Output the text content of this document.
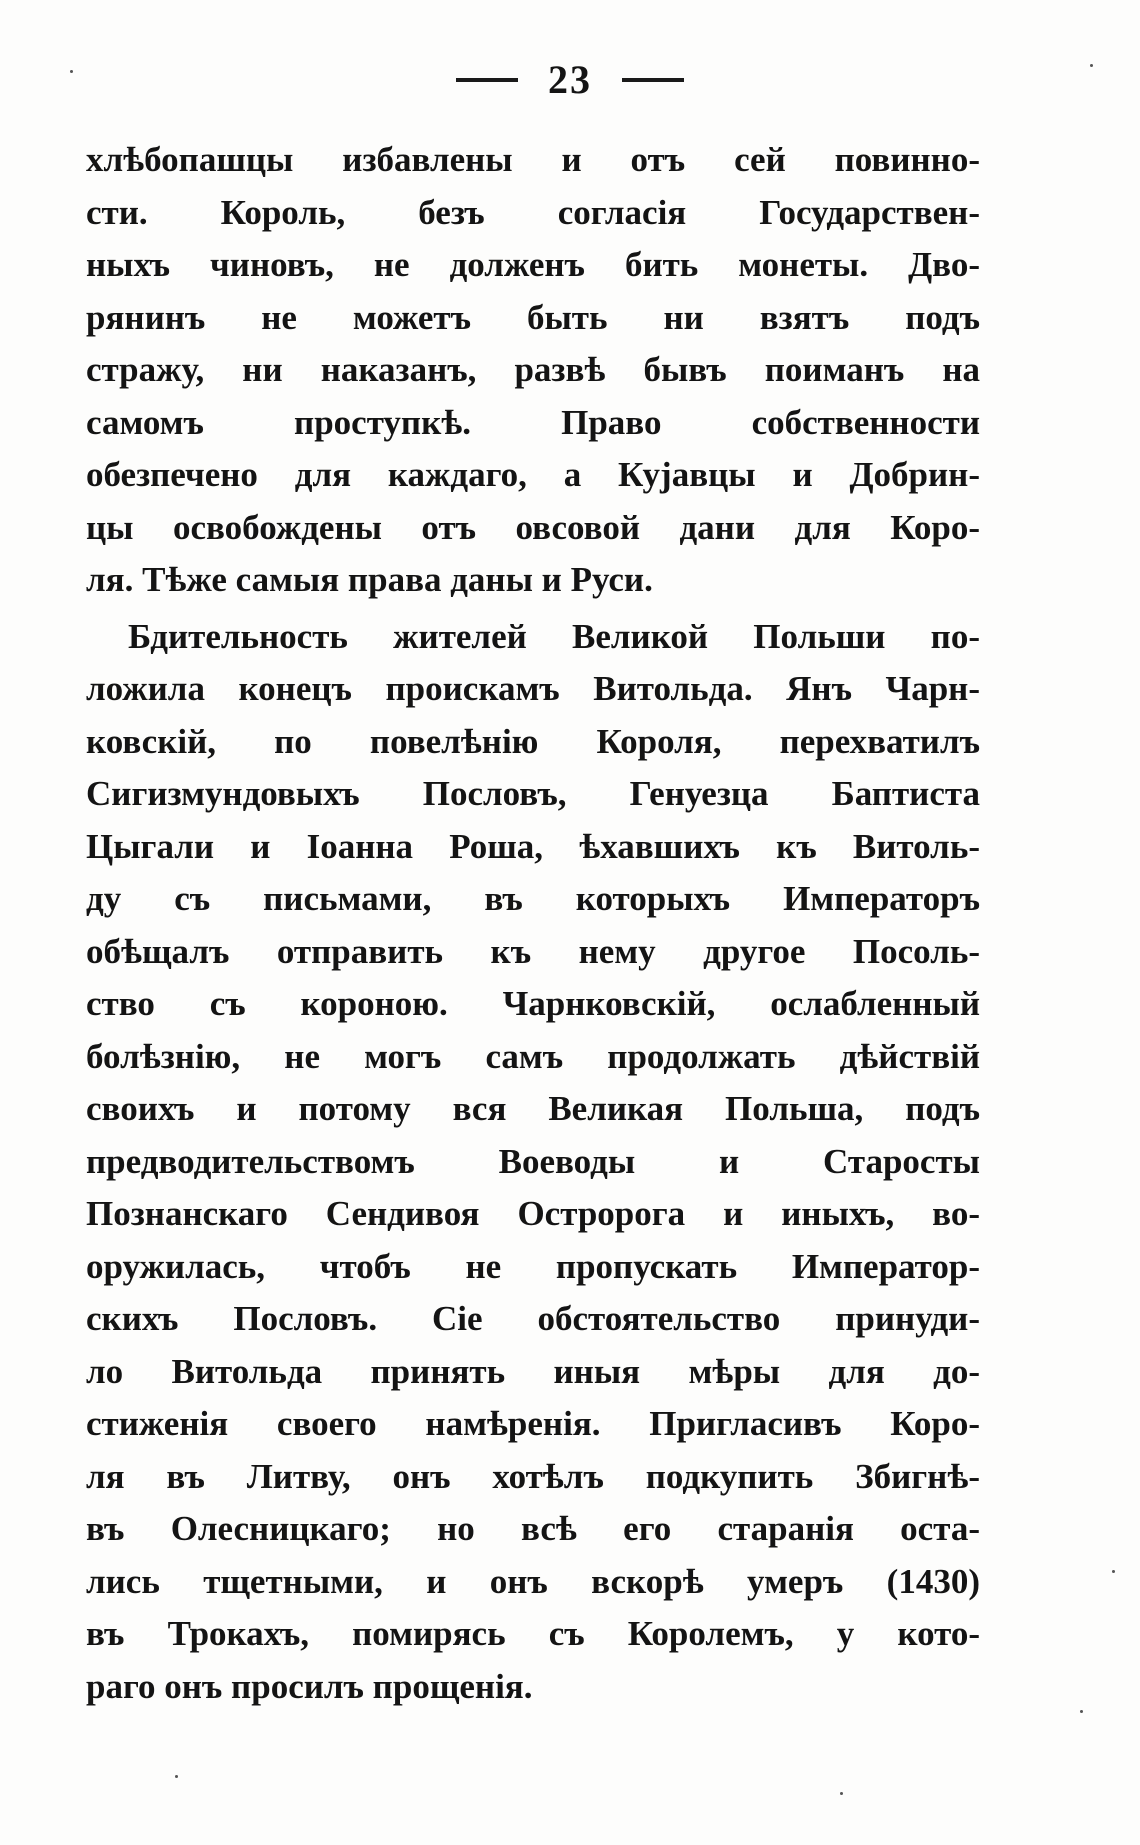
23
хлѣбопашцы избавлены и отъ сей повинно-
сти. Король, безъ согласія Государствен-
ныхъ чиновъ, не долженъ бить монеты. Дво-
рянинъ не можетъ быть ни взятъ подъ
стражу, ни наказанъ, развѣ бывъ поиманъ на
самомъ проступкѣ. Право собственности
обезпечено для каждаго, а Кујавцы и Добрин-
цы освобождены отъ овсовой дани для Коро-
ля. Тѣже самыя права даны и Руси.
Бдительность жителей Великой Польши по-
ложила конецъ проискамъ Витольда. Янъ Чарн-
ковскій, по повелѣнію Короля, перехватилъ
Сигизмундовыхъ Пословъ, Генуезца Баптиста
Цыгали и Іоанна Роша, ѣхавшихъ къ Витоль-
ду съ письмами, въ которыхъ Императоръ
обѣщалъ отправить къ нему другое Посоль-
ство съ короною. Чарнковскій, ослабленный
болѣзнію, не могъ самъ продолжать дѣйствій
своихъ и потому вся Великая Польша, подъ
предводительствомъ Воеводы и Старосты
Познанскаго Сендивоя Остророга и иныхъ, во-
оружилась, чтобъ не пропускать Император-
скихъ Пословъ. Сіе обстоятельство принуди-
ло Витольда принять иныя мѣры для до-
стиженія своего намѣренія. Пригласивъ Коро-
ля въ Литву, онъ хотѣлъ подкупить Збигнѣ-
въ Олесницкаго; но всѣ его старанія оста-
лись тщетными, и онъ вскорѣ умеръ (1430)
въ Трокахъ, помирясь съ Королемъ, у кото-
раго онъ просилъ прощенія.
